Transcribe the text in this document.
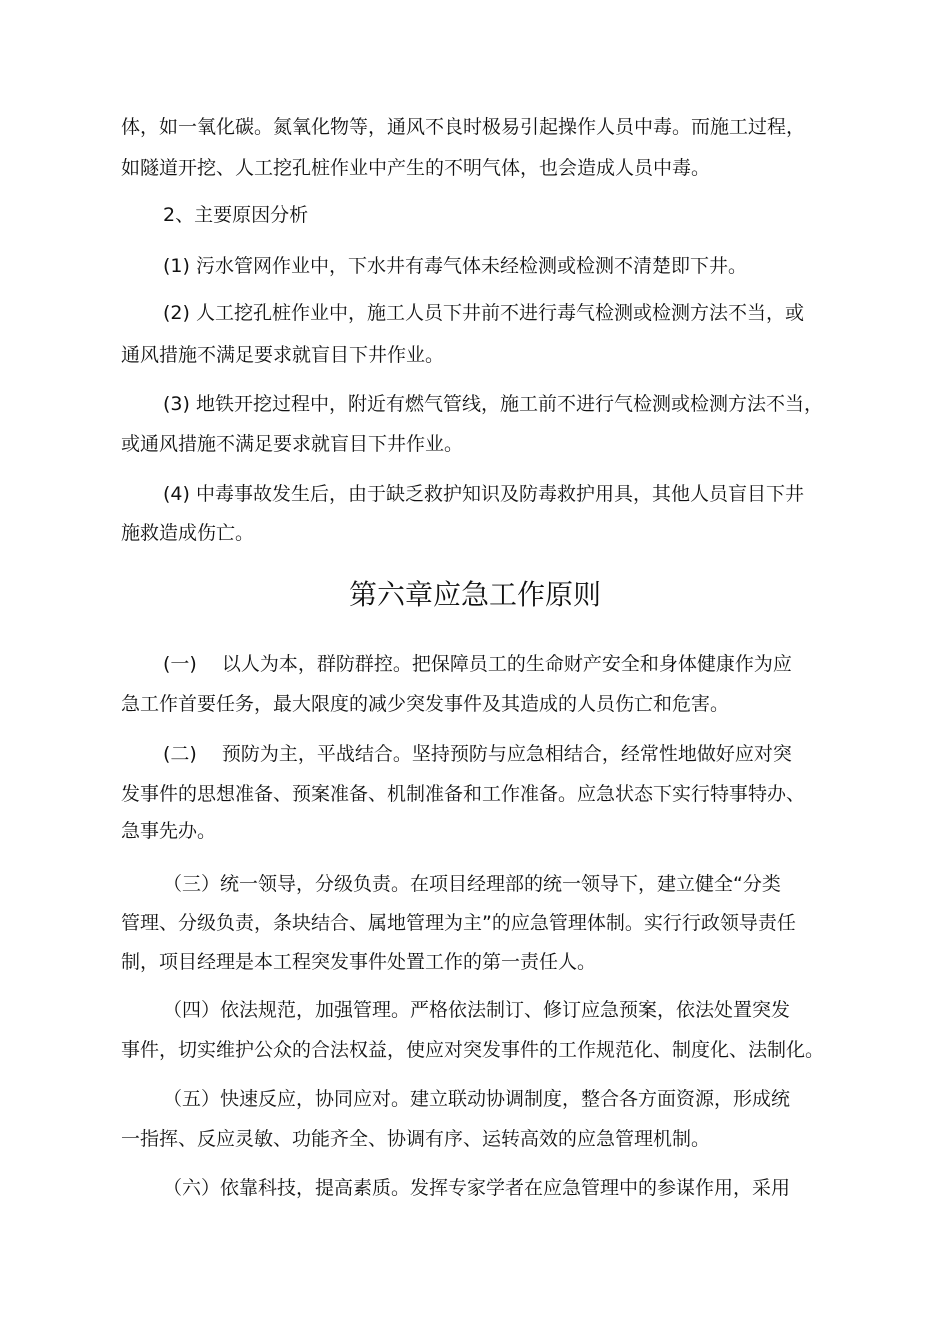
体，如一氧化碳。氮氧化物等，通风不良时极易引起操作人员中毒。而施工过程，

如隧道开挖、人工挖孔桩作业中产生的不明气体，也会造成人员中毒。

2、主要原因分析

(1) 污水管网作业中，下水井有毒气体未经检测或检测不清楚即下井。

(2) 人工挖孔桩作业中，施工人员下井前不进行毒气检测或检测方法不当，或

通风措施不满足要求就盲目下井作业。

(3) 地铁开挖过程中，附近有燃气管线，施工前不进行气检测或检测方法不当，

或通风措施不满足要求就盲目下井作业。

(4) 中毒事故发生后，由于缺乏救护知识及防毒救护用具，其他人员盲目下井

施救造成伤亡。

第六章应急工作原则

(一)　 以人为本，群防群控。把保障员工的生命财产安全和身体健康作为应

急工作首要任务，最大限度的减少突发事件及其造成的人员伤亡和危害。

(二)　 预防为主，平战结合。坚持预防与应急相结合，经常性地做好应对突

发事件的思想准备、预案准备、机制准备和工作准备。应急状态下实行特事特办、

急事先办。

（三）统一领导，分级负责。在项目经理部的统一领导下，建立健全“分类

管理、分级负责，条块结合、属地管理为主”的应急管理体制。实行行政领导责任

制，项目经理是本工程突发事件处置工作的第一责任人。

（四）依法规范，加强管理。严格依法制订、修订应急预案，依法处置突发

事件，切实维护公众的合法权益，使应对突发事件的工作规范化、制度化、法制化。

（五）快速反应，协同应对。建立联动协调制度，整合各方面资源，形成统

一指挥、反应灵敏、功能齐全、协调有序、运转高效的应急管理机制。

（六）依靠科技，提高素质。发挥专家学者在应急管理中的参谋作用，采用
